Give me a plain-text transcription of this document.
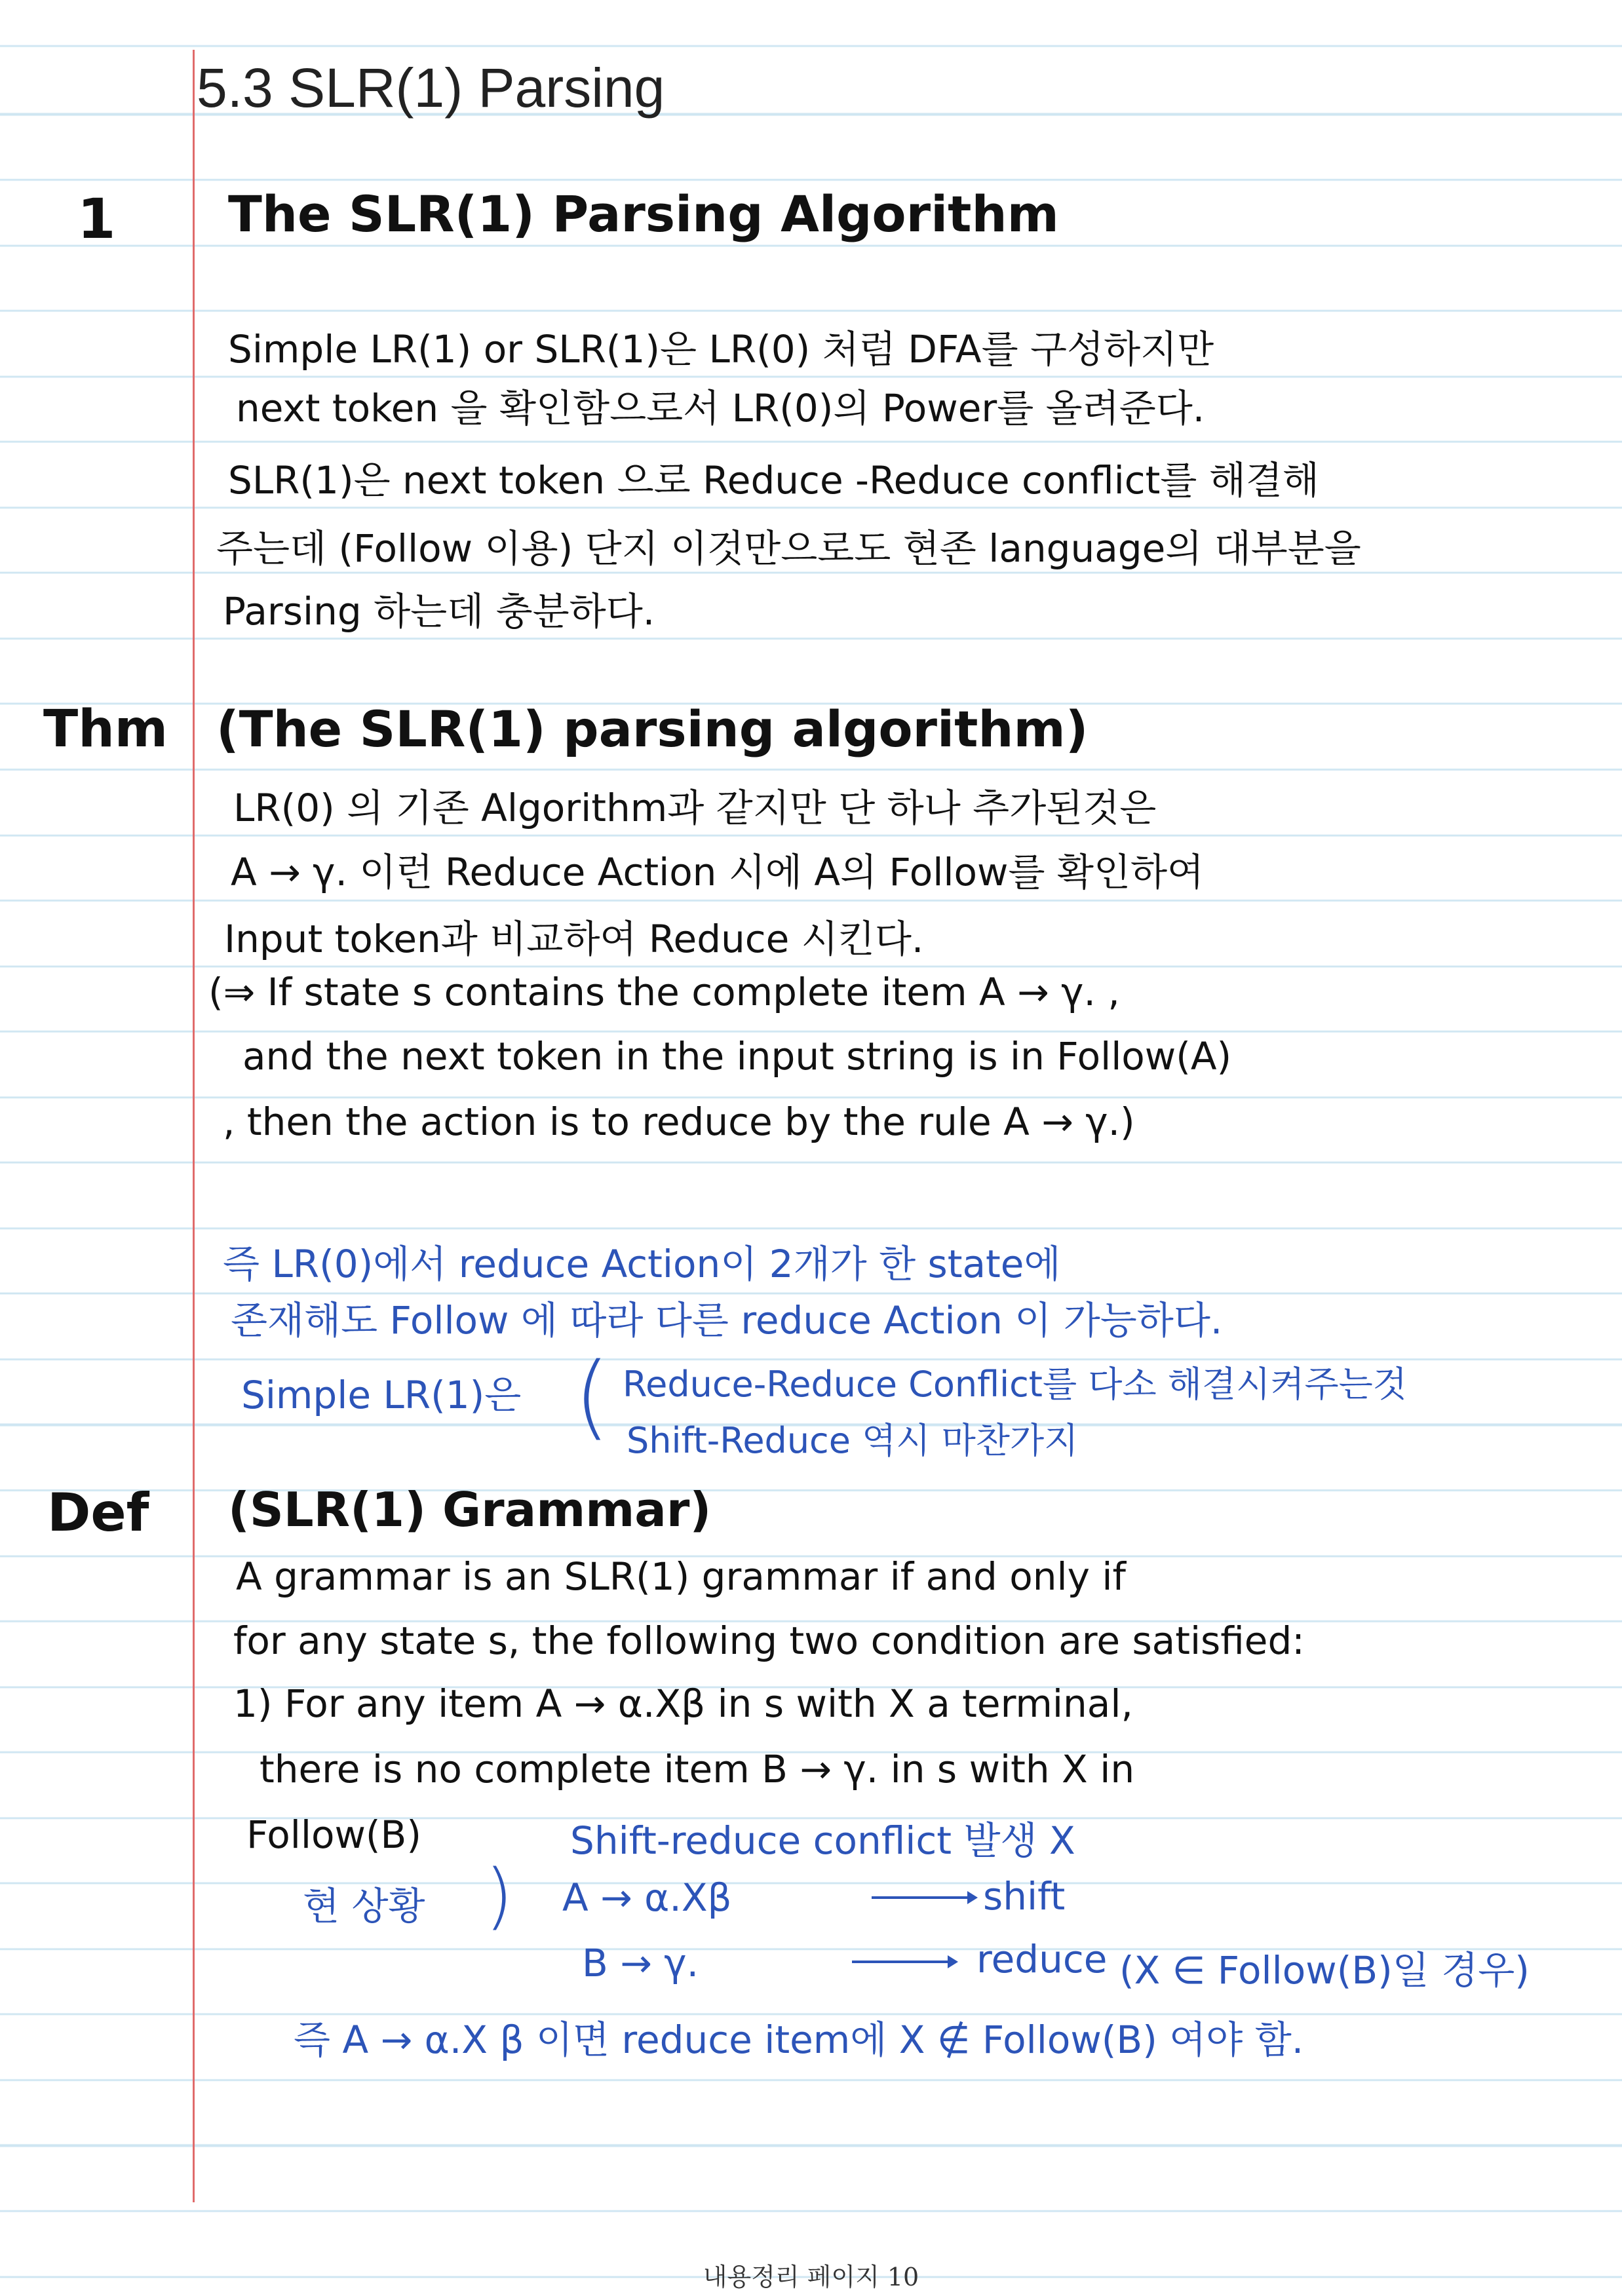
5.3 SLR(1) Parsing
1 The SLR(1) Parsing Algorithm
Simple LR(1) or SLR(1)은 LR(0) 처럼 DFA를 구성하지만
next token 을 확인함으로서 LR(0)의 Power를 올려준다.
SLR(1)은 next token 으로 Reduce -Reduce conflict를 해결해
주는데 (Follow 이용) 단지 이것만으로도 현존 language의 대부분을
Parsing 하는데 충분하다.
Thm (The SLR(1) parsing algorithm)
LR(0) 의 기존 Algorithm과 같지만 단 하나 추가된것은
A → γ. 이런 Reduce Action 시에 A의 Follow를 확인하여
Input token과 비교하여 Reduce 시킨다.
(⇒ If state s contains the complete item A → γ. ,
and the next token in the input string is in Follow(A)
, then the action is to reduce by the rule A → γ.)
즉 LR(0)에서 reduce Action이 2개가 한 state에
존재해도 Follow 에 따라 다른 reduce Action 이 가능하다.
Simple LR(1)은 ( Reduce-Reduce Conflict를 다소 해결시켜주는것
Shift-Reduce 역시 마찬가지
Def (SLR(1) Grammar)
A grammar is an SLR(1) grammar if and only if
for any state s, the following two condition are satisfied:
1) For any item A → α.Xβ in s with X a terminal,
there is no complete item B → γ. in s with X in
Follow(B)	Shift-reduce conflict 발생 X
현 상황 ) A → α.Xβ	shift
B → γ.	reduce (X ∈ Follow(B)일 경우)
즉 A → α.X β 이면 reduce item에 X ∉ Follow(B) 여야 함.
내용정리 페이지 10
